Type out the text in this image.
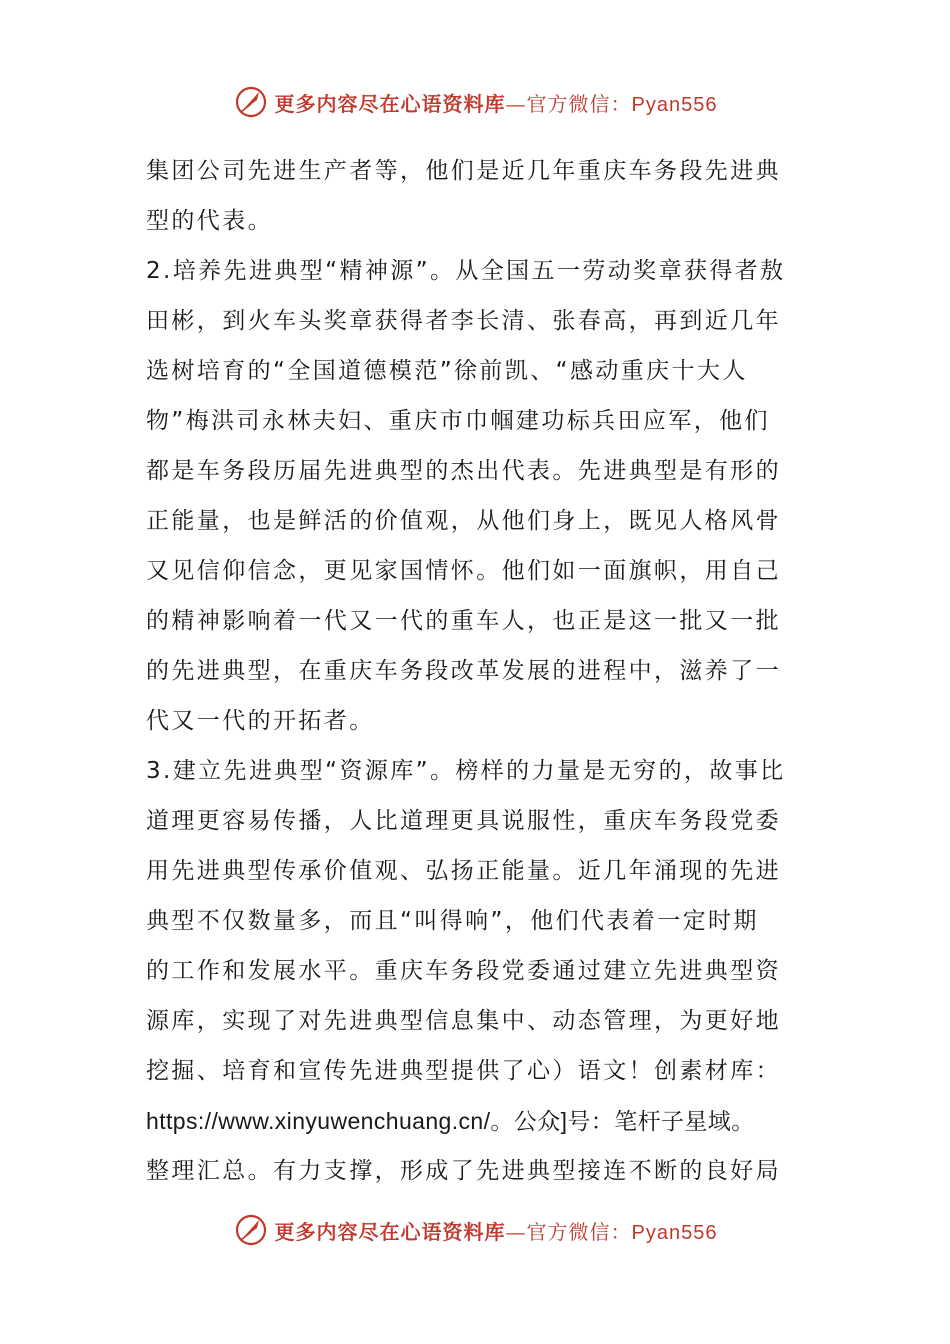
更多内容尽在心语资料库—官方微信：Pyan556
集团公司先进生产者等，他们是近几年重庆车务段先进典
型的代表。
2.培养先进典型“精神源”。从全国五一劳动奖章获得者敖
田彬，到火车头奖章获得者李长清、张春高，再到近几年
选树培育的“全国道德模范”徐前凯、“感动重庆十大人
物”梅洪司永林夫妇、重庆市巾帼建功标兵田应军，他们
都是车务段历届先进典型的杰出代表。先进典型是有形的
正能量，也是鲜活的价值观，从他们身上，既见人格风骨
又见信仰信念，更见家国情怀。他们如一面旗帜，用自己
的精神影响着一代又一代的重车人，也正是这一批又一批
的先进典型，在重庆车务段改革发展的进程中，滋养了一
代又一代的开拓者。
3.建立先进典型“资源库”。榜样的力量是无穷的，故事比
道理更容易传播，人比道理更具说服性，重庆车务段党委
用先进典型传承价值观、弘扬正能量。近几年涌现的先进
典型不仅数量多，而且“叫得响”，他们代表着一定时期
的工作和发展水平。重庆车务段党委通过建立先进典型资
源库，实现了对先进典型信息集中、动态管理，为更好地
挖掘、培育和宣传先进典型提供了心）语文！创素材库：
https://www.xinyuwenchuang.cn/。公众]号：笔杆子星域。
整理汇总。有力支撑，形成了先进典型接连不断的良好局
更多内容尽在心语资料库—官方微信：Pyan556
